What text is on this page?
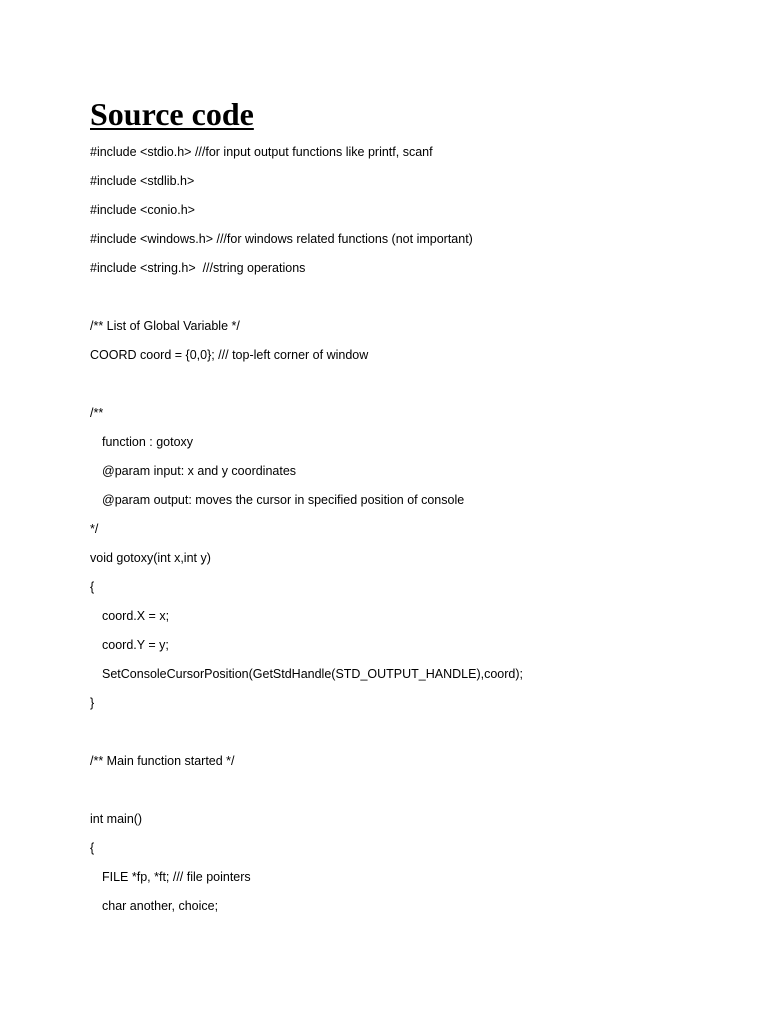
Source code
#include <stdio.h> ///for input output functions like printf, scanf
#include <stdlib.h>
#include <conio.h>
#include <windows.h> ///for windows related functions (not important)
#include <string.h>  ///string operations
/** List of Global Variable */
COORD coord = {0,0}; /// top-left corner of window
/**
function : gotoxy
@param input: x and y coordinates
@param output: moves the cursor in specified position of console
*/
void gotoxy(int x,int y)
{
coord.X = x;
coord.Y = y;
SetConsoleCursorPosition(GetStdHandle(STD_OUTPUT_HANDLE),coord);
}
/** Main function started */
int main()
{
FILE *fp, *ft; /// file pointers
char another, choice;
